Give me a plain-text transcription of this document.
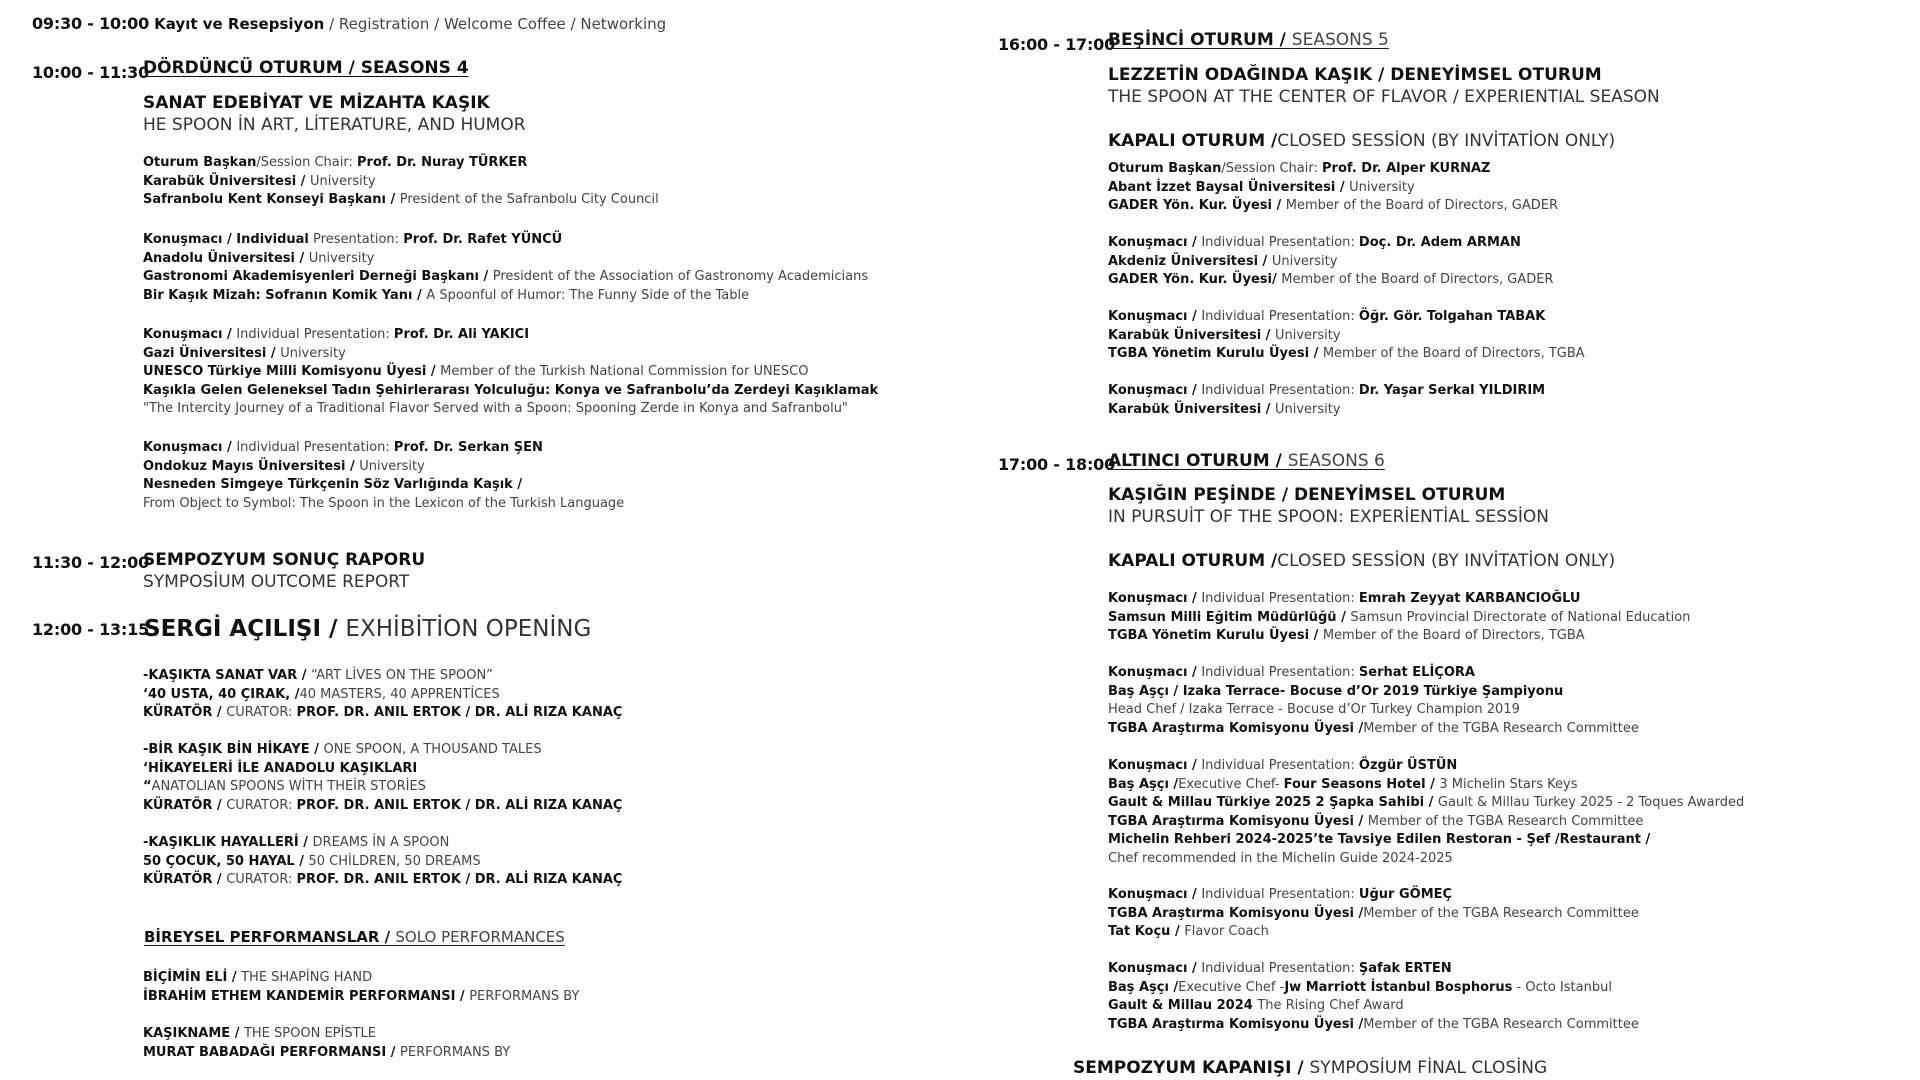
09:30 - 10:00 Kayıt ve Resepsiyon / Registration / Welcome Coffee / Networking
10:00 - 11:30
DÖRDÜNCÜ OTURUM / SEASONS 4
SANAT EDEBİYAT VE MİZAHTA KAŞIK
HE SPOON İN ART, LİTERATURE, AND HUMOR
Oturum Başkan/Session Chair: Prof. Dr. Nuray TÜRKER
Karabük Üniversitesi / University
Safranbolu Kent Konseyi Başkanı / President of the Safranbolu City Council
Konuşmacı / Individual Presentation: Prof. Dr. Rafet YÜNCÜ
Anadolu Üniversitesi / University
Gastronomi Akademisyenleri Derneği Başkanı / President of the Association of Gastronomy Academicians
Bir Kaşık Mizah: Sofranın Komik Yanı / A Spoonful of Humor: The Funny Side of the Table
Konuşmacı / Individual Presentation: Prof. Dr. Ali YAKICI
Gazi Üniversitesi / University
UNESCO Türkiye Milli Komisyonu Üyesi / Member of the Turkish National Commission for UNESCO
Kaşıkla Gelen Geleneksel Tadın Şehirlerarası Yolculuğu: Konya ve Safranbolu’da Zerdeyi Kaşıklamak
"The Intercity Journey of a Traditional Flavor Served with a Spoon: Spooning Zerde in Konya and Safranbolu"
Konuşmacı / Individual Presentation: Prof. Dr. Serkan ŞEN
Ondokuz Mayıs Üniversitesi / University
Nesneden Simgeye Türkçenin Söz Varlığında Kaşık /
From Object to Symbol: The Spoon in the Lexicon of the Turkish Language
11:30 - 12:00
SEMPOZYUM SONUÇ RAPORU
SYMPOSİUM OUTCOME REPORT
12:00 - 13:15
SERGİ AÇILIŞI / EXHİBİTİON OPENİNG
-KAŞIKTA SANAT VAR / “ART LİVES ON THE SPOON”
‘40 USTA, 40 ÇIRAK, /40 MASTERS, 40 APPRENTİCES
KÜRATÖR / CURATOR: PROF. DR. ANIL ERTOK / DR. ALİ RIZA KANAÇ
-BİR KAŞIK BİN HİKAYE / ONE SPOON, A THOUSAND TALES
‘HİKAYELERİ İLE ANADOLU KAŞIKLARI
“ANATOLIAN SPOONS WİTH THEİR STORİES
KÜRATÖR / CURATOR: PROF. DR. ANIL ERTOK / DR. ALİ RIZA KANAÇ
-KAŞIKLIK HAYALLERİ / DREAMS İN A SPOON
50 ÇOCUK, 50 HAYAL / 50 CHİLDREN, 50 DREAMS
KÜRATÖR / CURATOR: PROF. DR. ANIL ERTOK / DR. ALİ RIZA KANAÇ
BİREYSEL PERFORMANSLAR / SOLO PERFORMANCES
BİÇİMİN ELİ / THE SHAPİNG HAND
İBRAHİM ETHEM KANDEMİR PERFORMANSI / PERFORMANS BY
KAŞIKNAME / THE SPOON EPİSTLE
MURAT BABADAĞI PERFORMANSI / PERFORMANS BY
16:00 - 17:00
BEŞİNCİ OTURUM / SEASONS 5
LEZZETİN ODAĞINDA KAŞIK / DENEYİMSEL OTURUM
THE SPOON AT THE CENTER OF FLAVOR / EXPERIENTIAL SEASON
KAPALI OTURUM /CLOSED SESSİON (BY INVİTATİON ONLY)
Oturum Başkan/Session Chair: Prof. Dr. Alper KURNAZ
Abant İzzet Baysal Üniversitesi / University
GADER Yön. Kur. Üyesi / Member of the Board of Directors, GADER
Konuşmacı / Individual Presentation: Doç. Dr. Adem ARMAN
Akdeniz Üniversitesi / University
GADER Yön. Kur. Üyesi/ Member of the Board of Directors, GADER
Konuşmacı / Individual Presentation: Öğr. Gör. Tolgahan TABAK
Karabük Üniversitesi / University
TGBA Yönetim Kurulu Üyesi / Member of the Board of Directors, TGBA
Konuşmacı / Individual Presentation: Dr. Yaşar Serkal YILDIRIM
Karabük Üniversitesi / University
17:00 - 18:00
ALTINCI OTURUM / SEASONS 6
KAŞIĞIN PEŞİNDE / DENEYİMSEL OTURUM
IN PURSUİT OF THE SPOON: EXPERİENTİAL SESSİON
KAPALI OTURUM /CLOSED SESSİON (BY INVİTATİON ONLY)
Konuşmacı / Individual Presentation: Emrah Zeyyat KARBANCIOĞLU
Samsun Milli Eğitim Müdürlüğü / Samsun Provincial Directorate of National Education
TGBA Yönetim Kurulu Üyesi / Member of the Board of Directors, TGBA
Konuşmacı / Individual Presentation: Serhat ELİÇORA
Baş Aşçı / Izaka Terrace- Bocuse d’Or 2019 Türkiye Şampiyonu
Head Chef / Izaka Terrace - Bocuse d’Or Turkey Champion 2019
TGBA Araştırma Komisyonu Üyesi /Member of the TGBA Research Committee
Konuşmacı / Individual Presentation: Özgür ÜSTÜN
Baş Aşçı /Executive Chef- Four Seasons Hotel / 3 Michelin Stars Keys
Gault & Millau Türkiye 2025 2 Şapka Sahibi / Gault & Millau Turkey 2025 - 2 Toques Awarded
TGBA Araştırma Komisyonu Üyesi / Member of the TGBA Research Committee
Michelin Rehberi 2024-2025’te Tavsiye Edilen Restoran - Şef /Restaurant /
Chef recommended in the Michelin Guide 2024-2025
Konuşmacı / Individual Presentation: Uğur GÖMEÇ
TGBA Araştırma Komisyonu Üyesi /Member of the TGBA Research Committee
Tat Koçu / Flavor Coach
Konuşmacı / Individual Presentation: Şafak ERTEN
Baş Aşçı /Executive Chef -Jw Marriott İstanbul Bosphorus - Octo Istanbul
Gault & Millau 2024 The Rising Chef Award
TGBA Araştırma Komisyonu Üyesi /Member of the TGBA Research Committee
SEMPOZYUM KAPANIŞI / SYMPOSİUM FİNAL CLOSİNG
